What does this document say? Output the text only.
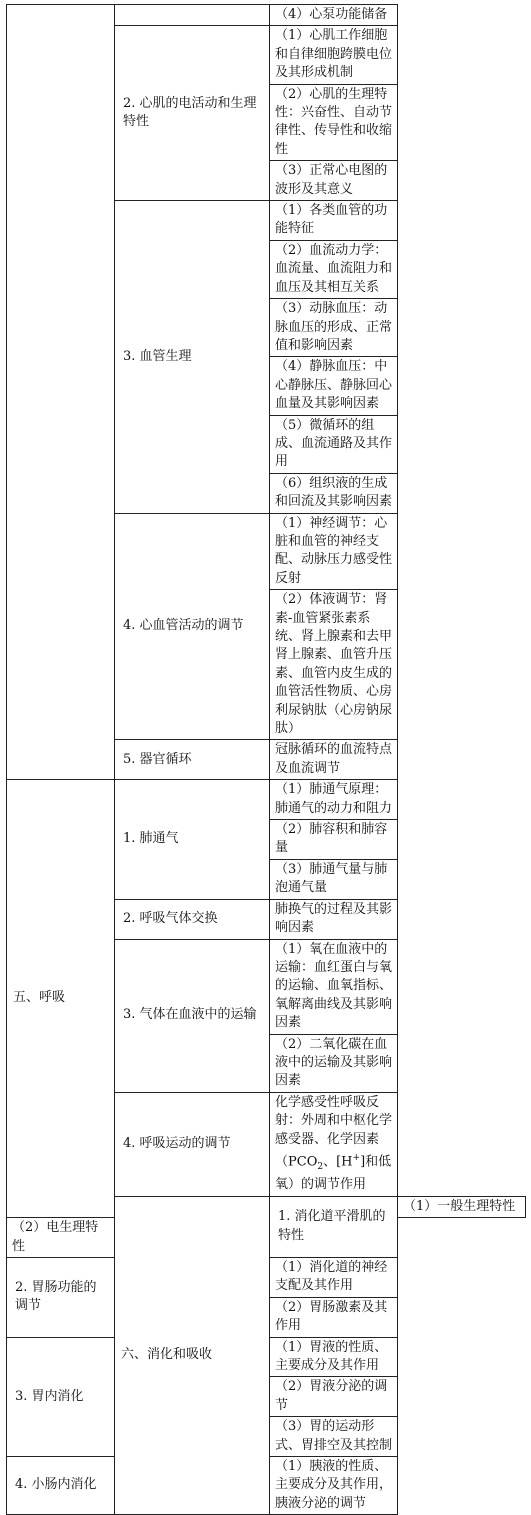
		（4）心泵功能储备	
	2. 心肌的电活动和生理特性	（1）心肌工作细胞和自律细胞跨膜电位及其形成机制	
		（2）心肌的生理特性：兴奋性、自动节律性、传导性和收缩性	
		（3）正常心电图的波形及其意义	
	3. 血管生理	（1）各类血管的功能特征	
		（2）血流动力学：血流量、血流阻力和血压及其相互关系	
		（3）动脉血压：动脉血压的形成、正常值和影响因素	
		（4）静脉血压：中心静脉压、静脉回心血量及其影响因素	
		（5）微循环的组成、血流通路及其作用	
		（6）组织液的生成和回流及其影响因素	
	4. 心血管活动的调节	（1）神经调节：心脏和血管的神经支配、动脉压力感受性反射	
		（2）体液调节：肾素-血管紧张素系统、肾上腺素和去甲肾上腺素、血管升压素、血管内皮生成的血管活性物质、心房利尿钠肽（心房钠尿肽）	
	5. 器官循环	冠脉循环的血流特点及血流调节	
五、呼吸	1. 肺通气	（1）肺通气原理：肺通气的动力和阻力	
		（2）肺容积和肺容量	
		（3）肺通气量与肺泡通气量	
	2. 呼吸气体交换	肺换气的过程及其影响因素	
	3. 气体在血液中的运输	（1）氧在血液中的运输：血红蛋白与氧的运输、血氧指标、氧解离曲线及其影响因素	
		（2）二氧化碳在血液中的运输及其影响因素	
	4. 呼吸运动的调节	化学感受性呼吸反射：外周和中枢化学感受器、化学因素（$PCO_2$、[H+]和低氧）的调节作用	
	六、消化和吸收	1. 消化道平滑肌的特性	（1）一般生理特性
（2）电生理特性			
2. 胃肠功能的调节		（1）消化道的神经支配及其作用	
		（2）胃肠激素及其作用	
3. 胃内消化		（1）胃液的性质、主要成分及其作用	
		（2）胃液分泌的调节	
		（3）胃的运动形式、胃排空及其控制	
4. 小肠内消化		（1）胰液的性质、主要成分及其作用，胰液分泌的调节	
